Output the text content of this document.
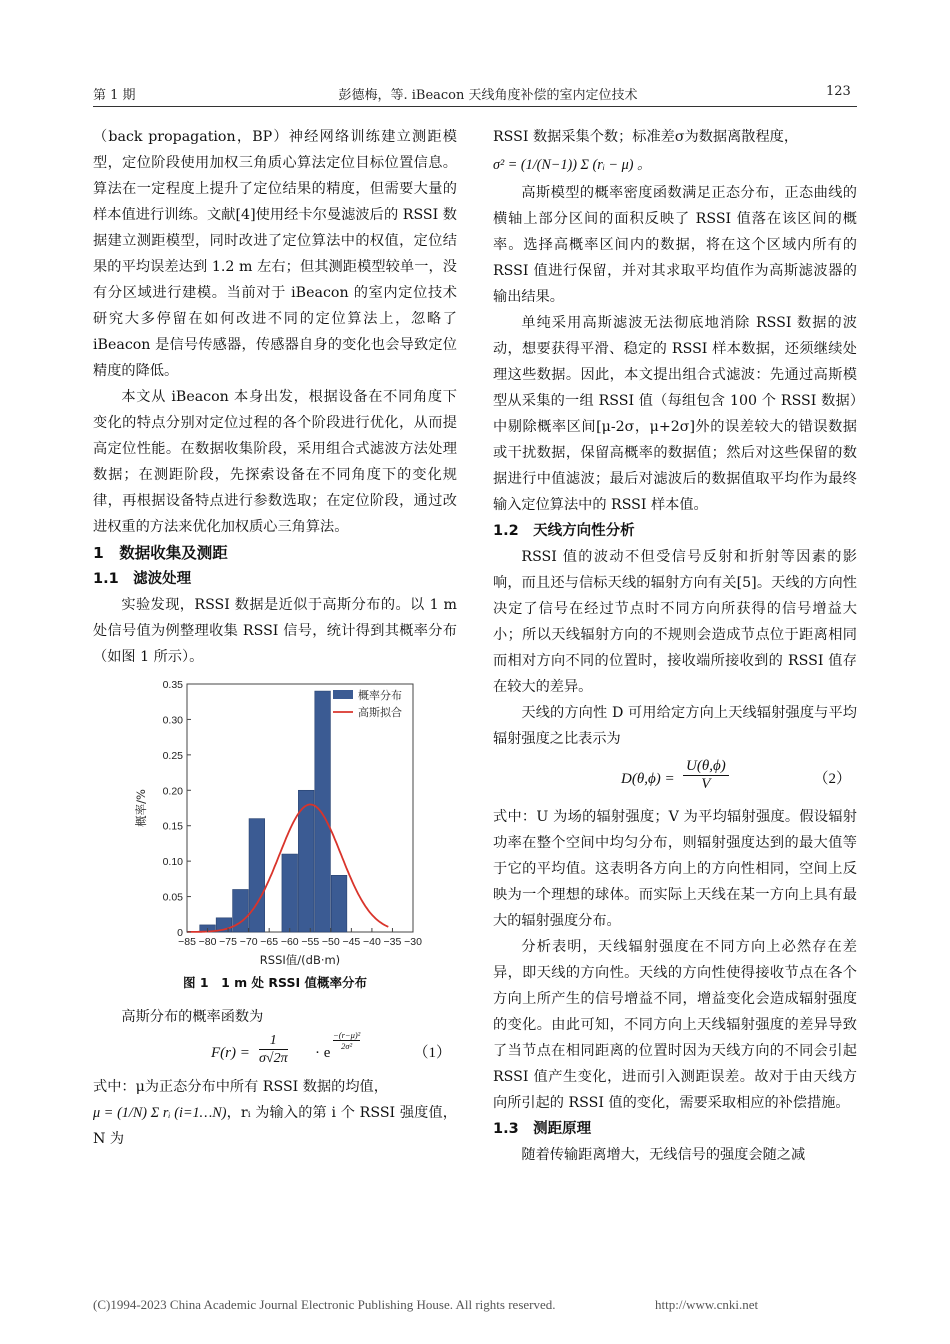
第 1 期	彭德梅，等. iBeacon 天线角度补偿的室内定位技术	123

（back propagation，BP）神经网络训练建立测距模型，定位阶段使用加权三角质心算法定位目标位置信息。算法在一定程度上提升了定位结果的精度，但需要大量的样本值进行训练。文献[4]使用经卡尔曼滤波后的 RSSI 数据建立测距模型，同时改进了定位算法中的权值，定位结果的平均误差达到 1.2 m 左右；但其测距模型较单一，没有分区域进行建模。当前对于 iBeacon 的室内定位技术研究大多停留在如何改进不同的定位算法上，忽略了 iBeacon 是信号传感器，传感器自身的变化也会导致定位精度的降低。

本文从 iBeacon 本身出发，根据设备在不同角度下变化的特点分别对定位过程的各个阶段进行优化，从而提高定位性能。在数据收集阶段，采用组合式滤波方法处理数据；在测距阶段，先探索设备在不同角度下的变化规律，再根据设备特点进行参数选取；在定位阶段，通过改进权重的方法来优化加权质心三角算法。

1　数据收集及测距

1.1　滤波处理

实验发现，RSSI 数据是近似于高斯分布的。以 1 m 处信号值为例整理收集 RSSI 信号，统计得到其概率分布（如图 1 所示）。

−85 −80 −75 −70 −65 −60 −55 −50 −45 −40 −35 −30
0
0.05
0.10
0.15
0.20
0.25
0.30
0.35
RSSI值/(dB·m)
概率/%
概率分布
高斯拟合

图 1　1 m 处 RSSI 值概率分布

高斯分布的概率函数为

$F(r) = \frac{1}{\sigma√2\pi} \cdot e$
$\frac{\text{−(r−μ)²}}{\text{2σ²}}$
（1）

式中：μ为正态分布中所有 RSSI 数据的均值，

μ = (1/N) Σ rᵢ (i=1…N)，rᵢ 为输入的第 i 个 RSSI 强度值，N 为

RSSI 数据采集个数；标准差σ为数据离散程度，

σ² = (1/(N−1)) Σ (rᵢ − μ) 。

高斯模型的概率密度函数满足正态分布，正态曲线的横轴上部分区间的面积反映了 RSSI 值落在该区间的概率。选择高概率区间内的数据，将在这个区域内所有的 RSSI 值进行保留，并对其求取平均值作为高斯滤波器的输出结果。

单纯采用高斯滤波无法彻底地消除 RSSI 数据的波动，想要获得平滑、稳定的 RSSI 样本数据，还须继续处理这些数据。因此，本文提出组合式滤波：先通过高斯模型从采集的一组 RSSI 值（每组包含 100 个 RSSI 数据）中剔除概率区间[μ-2σ，μ+2σ]外的误差较大的错误数据或干扰数据，保留高概率的数据值；然后对这些保留的数据进行中值滤波；最后对滤波后的数据值取平均作为最终输入定位算法中的 RSSI 样本值。

1.2　天线方向性分析

RSSI 值的波动不但受信号反射和折射等因素的影响，而且还与信标天线的辐射方向有关[5]。天线的方向性决定了信号在经过节点时不同方向所获得的信号增益大小；所以天线辐射方向的不规则会造成节点位于距离相同而相对方向不同的位置时，接收端所接收到的 RSSI 值存在较大的差异。

天线的方向性 D 可用给定方向上天线辐射强度与平均辐射强度之比表示为

$D(\theta,\phi) = \frac{U(\theta,\phi)}{V}$	（2）

式中：U 为场的辐射强度；V 为平均辐射强度。假设辐射功率在整个空间中均匀分布，则辐射强度达到的最大值等于它的平均值。这表明各方向上的方向性相同，空间上反映为一个理想的球体。而实际上天线在某一方向上具有最大的辐射强度分布。

分析表明，天线辐射强度在不同方向上必然存在差异，即天线的方向性。天线的方向性使得接收节点在各个方向上所产生的信号增益不同，增益变化会造成辐射强度的变化。由此可知，不同方向上天线辐射强度的差异导致了当节点在相同距离的位置时因为天线方向的不同会引起 RSSI 值产生变化，进而引入测距误差。故对于由天线方向所引起的 RSSI 值的变化，需要采取相应的补偿措施。

1.3　测距原理

随着传输距离增大，无线信号的强度会随之减

(C)1994-2023 China Academic Journal Electronic Publishing House. All rights reserved.	http://www.cnki.net
